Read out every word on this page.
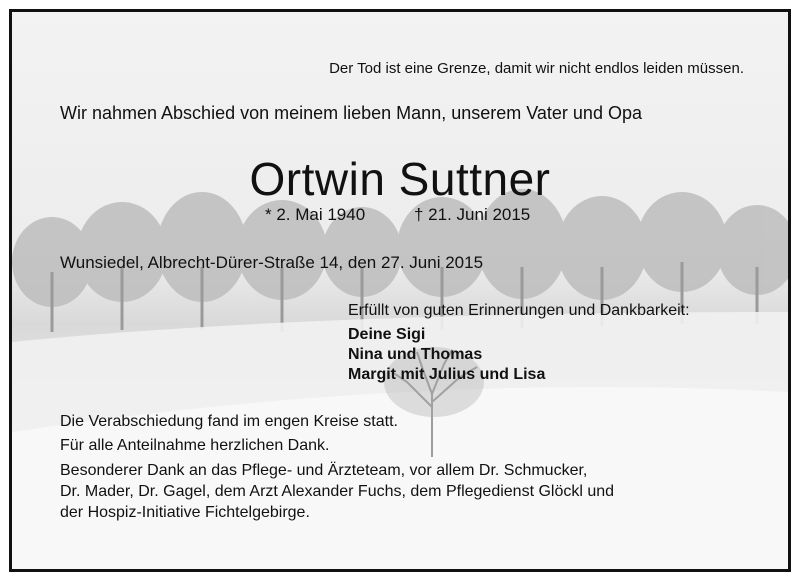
Der Tod ist eine Grenze, damit wir nicht endlos leiden müssen.
Wir nahmen Abschied von meinem lieben Mann, unserem Vater und Opa
Ortwin Suttner
* 2. Mai 1940	† 21. Juni 2015
Wunsiedel, Albrecht-Dürer-Straße 14, den 27. Juni 2015
Erfüllt von guten Erinnerungen und Dankbarkeit:
Deine Sigi
Nina und Thomas
Margit mit Julius und Lisa
Die Verabschiedung fand im engen Kreise statt.
Für alle Anteilnahme herzlichen Dank.
Besonderer Dank an das Pflege- und Ärzteteam, vor allem Dr. Schmucker,
Dr. Mader, Dr. Gagel, dem Arzt Alexander Fuchs, dem Pflegedienst Glöckl und
der Hospiz-Initiative Fichtelgebirge.
